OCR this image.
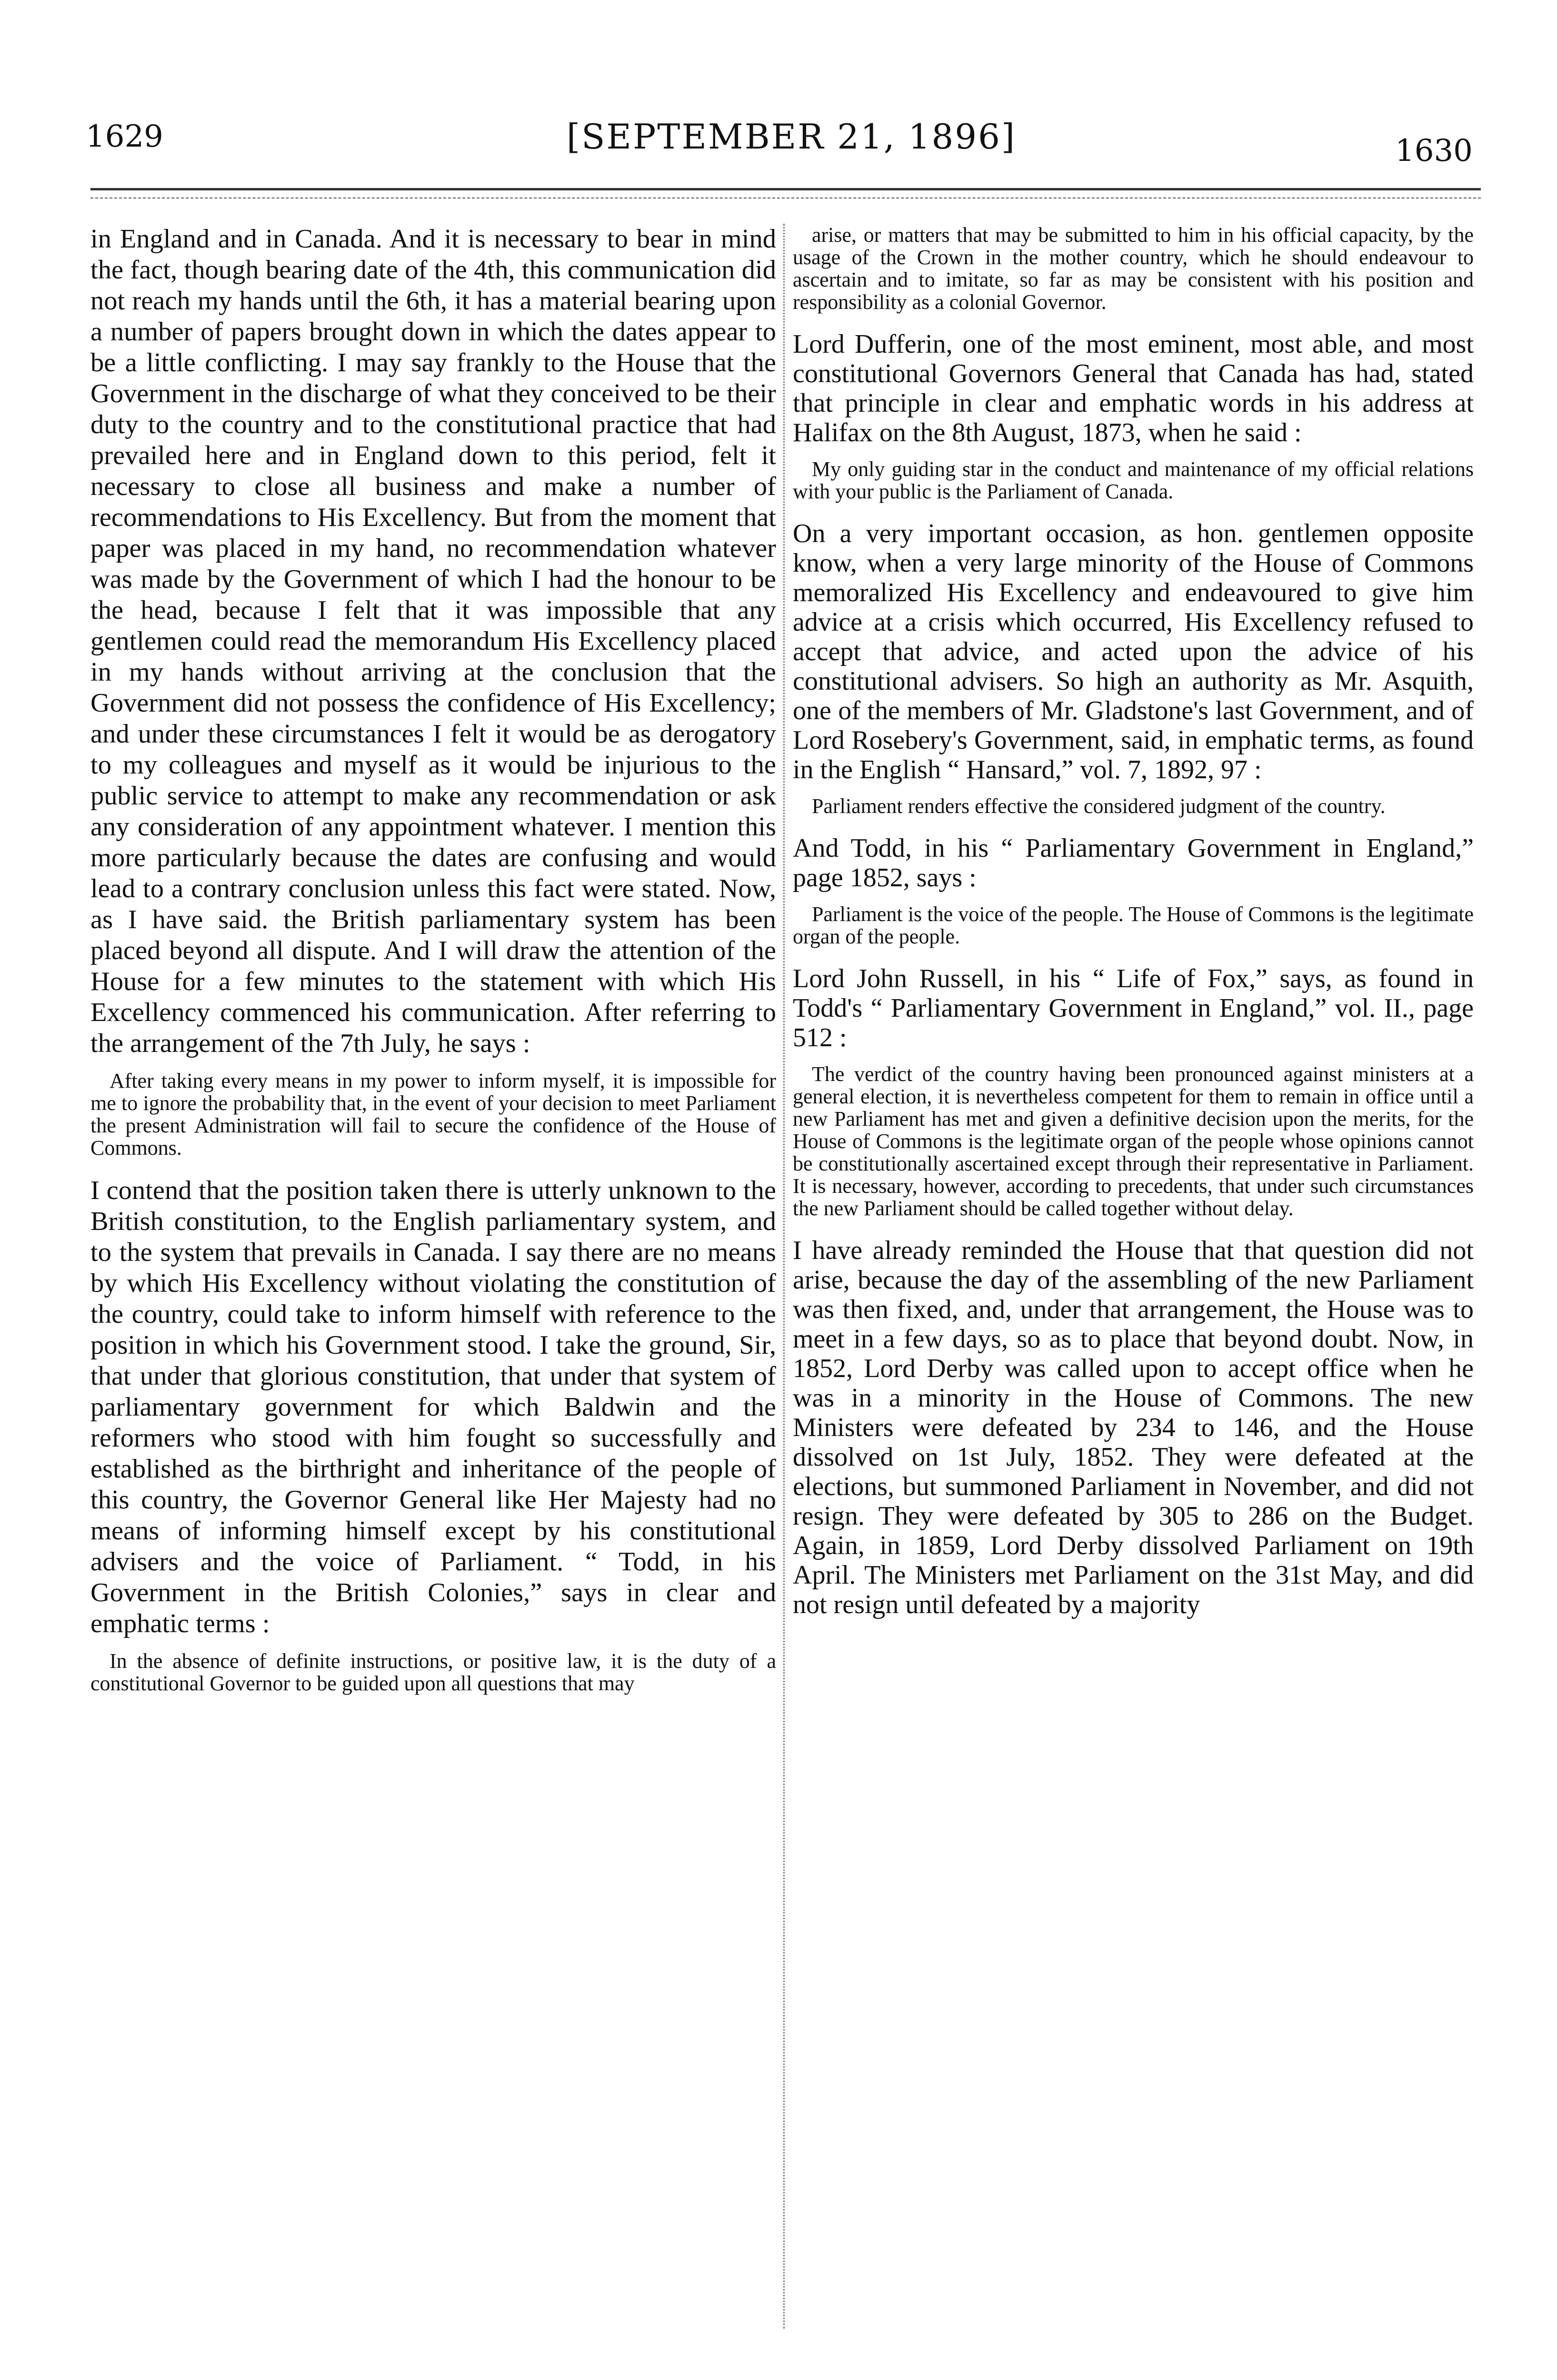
1629	[SEPTEMBER 21, 1896]	1630

in England and in Canada. And it is necessary to bear in mind the fact, though bearing date of the 4th, this communication did not reach my hands until the 6th, it has a material bearing upon a number of papers brought down in which the dates appear to be a little conflicting. I may say frankly to the House that the Government in the discharge of what they conceived to be their duty to the country and to the constitutional practice that had prevailed here and in England down to this period, felt it necessary to close all business and make a number of recommendations to His Excellency. But from the moment that paper was placed in my hand, no recommendation whatever was made by the Government of which I had the honour to be the head, because I felt that it was impossible that any gentlemen could read the memorandum His Excellency placed in my hands without arriving at the conclusion that the Government did not possess the confidence of His Excellency; and under these circumstances I felt it would be as derogatory to my colleagues and myself as it would be injurious to the public service to attempt to make any recommendation or ask any consideration of any appointment whatever. I mention this more particularly because the dates are confusing and would lead to a contrary conclusion unless this fact were stated. Now, as I have said. the British parliamentary system has been placed beyond all dispute. And I will draw the attention of the House for a few minutes to the statement with which His Excellency commenced his communication. After referring to the arrangement of the 7th July, he says :

After taking every means in my power to inform myself, it is impossible for me to ignore the probability that, in the event of your decision to meet Parliament the present Administration will fail to secure the confidence of the House of Commons.

I contend that the position taken there is utterly unknown to the British constitution, to the English parliamentary system, and to the system that prevails in Canada. I say there are no means by which His Excellency without violating the constitution of the country, could take to inform himself with reference to the position in which his Government stood. I take the ground, Sir, that under that glorious constitution, that under that system of parliamentary government for which Baldwin and the reformers who stood with him fought so successfully and established as the birthright and inheritance of the people of this country, the Governor General like Her Majesty had no means of informing himself except by his constitutional advisers and the voice of Parliament. “ Todd, in his Government in the British Colonies,” says in clear and emphatic terms :

In the absence of definite instructions, or positive law, it is the duty of a constitutional Governor to be guided upon all questions that may

arise, or matters that may be submitted to him in his official capacity, by the usage of the Crown in the mother country, which he should endeavour to ascertain and to imitate, so far as may be consistent with his position and responsibility as a colonial Governor.

Lord Dufferin, one of the most eminent, most able, and most constitutional Governors General that Canada has had, stated that principle in clear and emphatic words in his address at Halifax on the 8th August, 1873, when he said :

My only guiding star in the conduct and maintenance of my official relations with your public is the Parliament of Canada.

On a very important occasion, as hon. gentlemen opposite know, when a very large minority of the House of Commons memoralized His Excellency and endeavoured to give him advice at a crisis which occurred, His Excellency refused to accept that advice, and acted upon the advice of his constitutional advisers. So high an authority as Mr. Asquith, one of the members of Mr. Gladstone's last Government, and of Lord Rosebery's Government, said, in emphatic terms, as found in the English “ Hansard,” vol. 7, 1892, 97 :

Parliament renders effective the considered judgment of the country.

And Todd, in his “ Parliamentary Government in England,” page 1852, says :

Parliament is the voice of the people. The House of Commons is the legitimate organ of the people.

Lord John Russell, in his “ Life of Fox,” says, as found in Todd's “ Parliamentary Government in England,” vol. II., page 512 :

The verdict of the country having been pronounced against ministers at a general election, it is nevertheless competent for them to remain in office until a new Parliament has met and given a definitive decision upon the merits, for the House of Commons is the legitimate organ of the people whose opinions cannot be constitutionally ascertained except through their representative in Parliament. It is necessary, however, according to precedents, that under such circumstances the new Parliament should be called together without delay.

I have already reminded the House that that question did not arise, because the day of the assembling of the new Parliament was then fixed, and, under that arrangement, the House was to meet in a few days, so as to place that beyond doubt. Now, in 1852, Lord Derby was called upon to accept office when he was in a minority in the House of Commons. The new Ministers were defeated by 234 to 146, and the House dissolved on 1st July, 1852. They were defeated at the elections, but summoned Parliament in November, and did not resign. They were defeated by 305 to 286 on the Budget. Again, in 1859, Lord Derby dissolved Parliament on 19th April. The Ministers met Parliament on the 31st May, and did not resign until defeated by a majority
